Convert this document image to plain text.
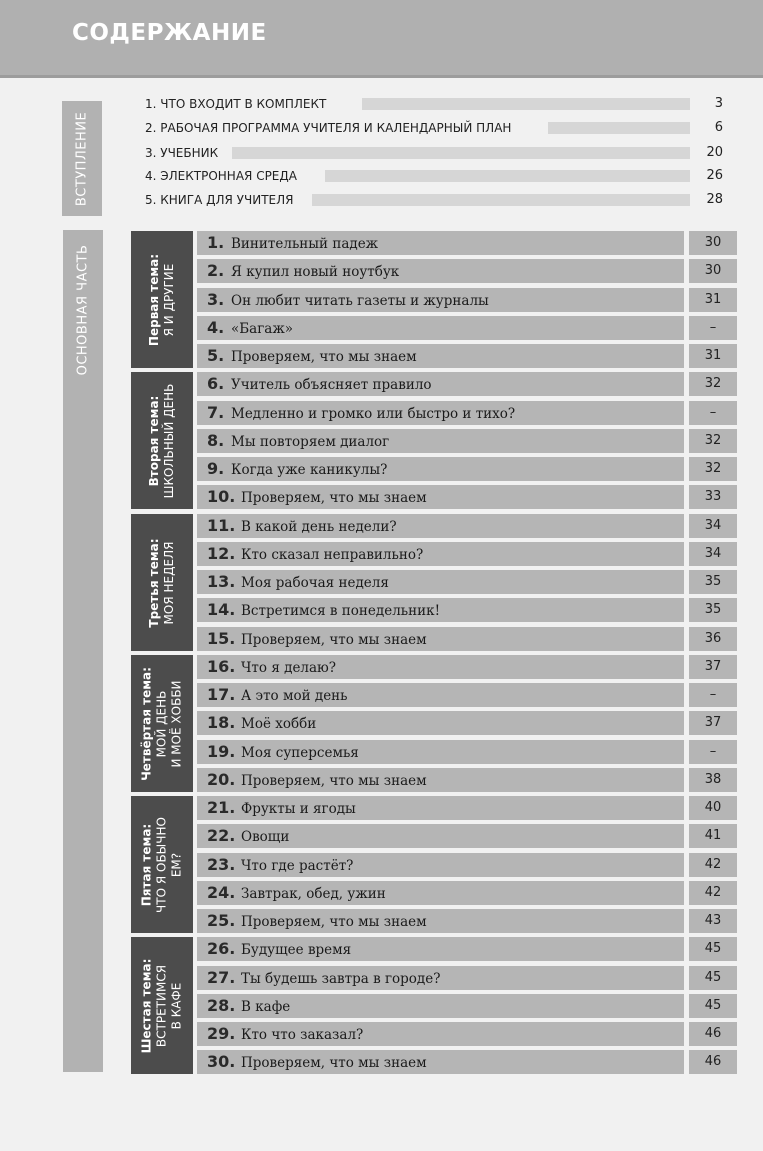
СОДЕРЖАНИЕ
ВСТУПЛЕНИЕ
ОСНОВНАЯ ЧАСТЬ
1. ЧТО ВХОДИТ В КОМПЛЕКТ	3
2. РАБОЧАЯ ПРОГРАММА УЧИТЕЛЯ И КАЛЕНДАРНЫЙ ПЛАН	6
3. УЧЕБНИК	20
4. ЭЛЕКТРОННАЯ СРЕДА	26
5. КНИГА ДЛЯ УЧИТЕЛЯ	28
1. Винительный падеж	30
2. Я купил новый ноутбук	30
3. Он любит читать газеты и журналы	31
4. «Багаж»	–
5. Проверяем, что мы знаем	31
6. Учитель объясняет правило	32
7. Медленно и громко или быстро и тихо?	–
8. Мы повторяем диалог	32
9. Когда уже каникулы?	32
10. Проверяем, что мы знаем	33
11. В какой день недели?	34
12. Кто сказал неправильно?	34
13. Моя рабочая неделя	35
14. Встретимся в понедельник!	35
15. Проверяем, что мы знаем	36
16. Что я делаю?	37
17. А это мой день	–
18. Моё хобби	37
19. Моя суперсемья	–
20. Проверяем, что мы знаем	38
21. Фрукты и ягоды	40
22. Овощи	41
23. Что где растёт?	42
24. Завтрак, обед, ужин	42
25. Проверяем, что мы знаем	43
26. Будущее время	45
27. Ты будешь завтра в городе?	45
28. В кафе	45
29. Кто что заказал?	46
30. Проверяем, что мы знаем	46
Первая тема: Я И ДРУГИЕ
Вторая тема: ШКОЛЬНЫЙ ДЕНЬ
Третья тема: МОЯ НЕДЕЛЯ
Четвёртая тема: МОЙ ДЕНЬ И МОЁ ХОББИ
Пятая тема: ЧТО Я ОБЫЧНО ЕМ?
Шестая тема: ВСТРЕТИМСЯ В КАФЕ
